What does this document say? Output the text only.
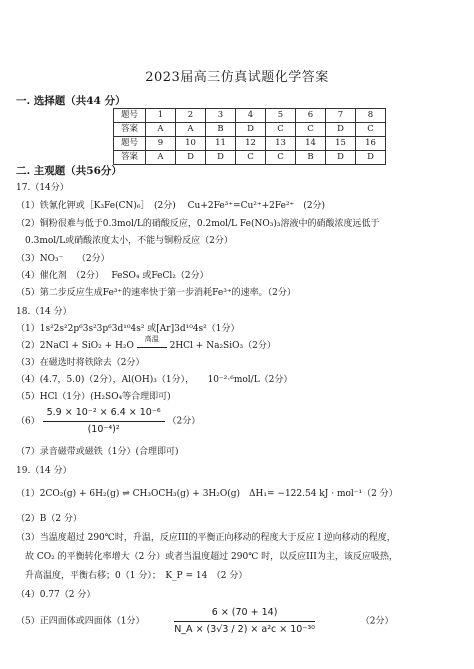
2023届高三仿真试题化学答案
一. 选择题（共44 分）
题号	1	2	3	4	5	6	7	8
答案	A	A	B	D	C	C	D	C
题号	9	10	11	12	13	14	15	16
答案	A	D	D	C	C	B	D	D
二. 主观题（共56分）
17.（14分）
（1）铁氰化钾或［K₃Fe(CN)₆］　(2分)　 Cu+2Fe³⁺=Cu²⁺+2Fe²⁺　(2分)
（2）铜粉很难与低于0.3mol/L的硝酸反应，0.2mol/L Fe(NO₃)₃溶液中的硝酸浓度远低于
　0.3mol/L或硝酸浓度太小，不能与铜粉反应（2分）
（3）NO₃⁻　　（2分）
（4）催化剂　（2分）　 FeSO₄ 或FeCl₂（2分）
（5）第二步反应生成Fe³⁺的速率快于第一步消耗Fe³⁺的速率。（2分）
18.（14 分）
（1）1s²2s²2p⁶3s²3p⁶3d¹⁰4s² 或[Ar]3d¹⁰4s²（1分）
（2）2NaCl + SiO₂ + H₂O
高温
2HCl + Na₂SiO₃（2分）
（3）在磁选时将铁除去（2分）
（4）(4.7，5.0)（2分），Al(OH)₃（1分），　　10⁻²·⁶mol/L（2分）
（5）HCl（1分）(H₂SO₄等合理即可)
$(6) \frac{\text{5.9 × 10⁻² × 6.4 × 10⁻⁶}}{\text{(10⁻⁴)²}} (2$分）
（7）录音磁带或磁铁（1分）(合理即可)
19.（14 分）
（1）2CO₂(g) + 6H₂(g) ⇌ CH₃OCH₃(g) + 3H₂O(g)　ΔH₁= −122.54 kJ · mol⁻¹（2 分）
（2）B（2 分）
（3）当温度超过 290℃时，升温，反应III的平衡正向移动的程度大于反应 I 逆向移动的程度，
　故 CO₂ 的平衡转化率增大（2 分）或者当温度超过 290℃ 时，以反应III为主，该反应吸热，
　升高温度，平衡右移；0（1 分）；　K_P = 14　（2 分）
（4）0.77（2 分）
（5）正四面体或四面体（1分）	$\frac{6 \times (70 + 14)}{\text{N\_A × (3√3 / 2) × a²c × 10⁻³⁰}}$	（2分）
